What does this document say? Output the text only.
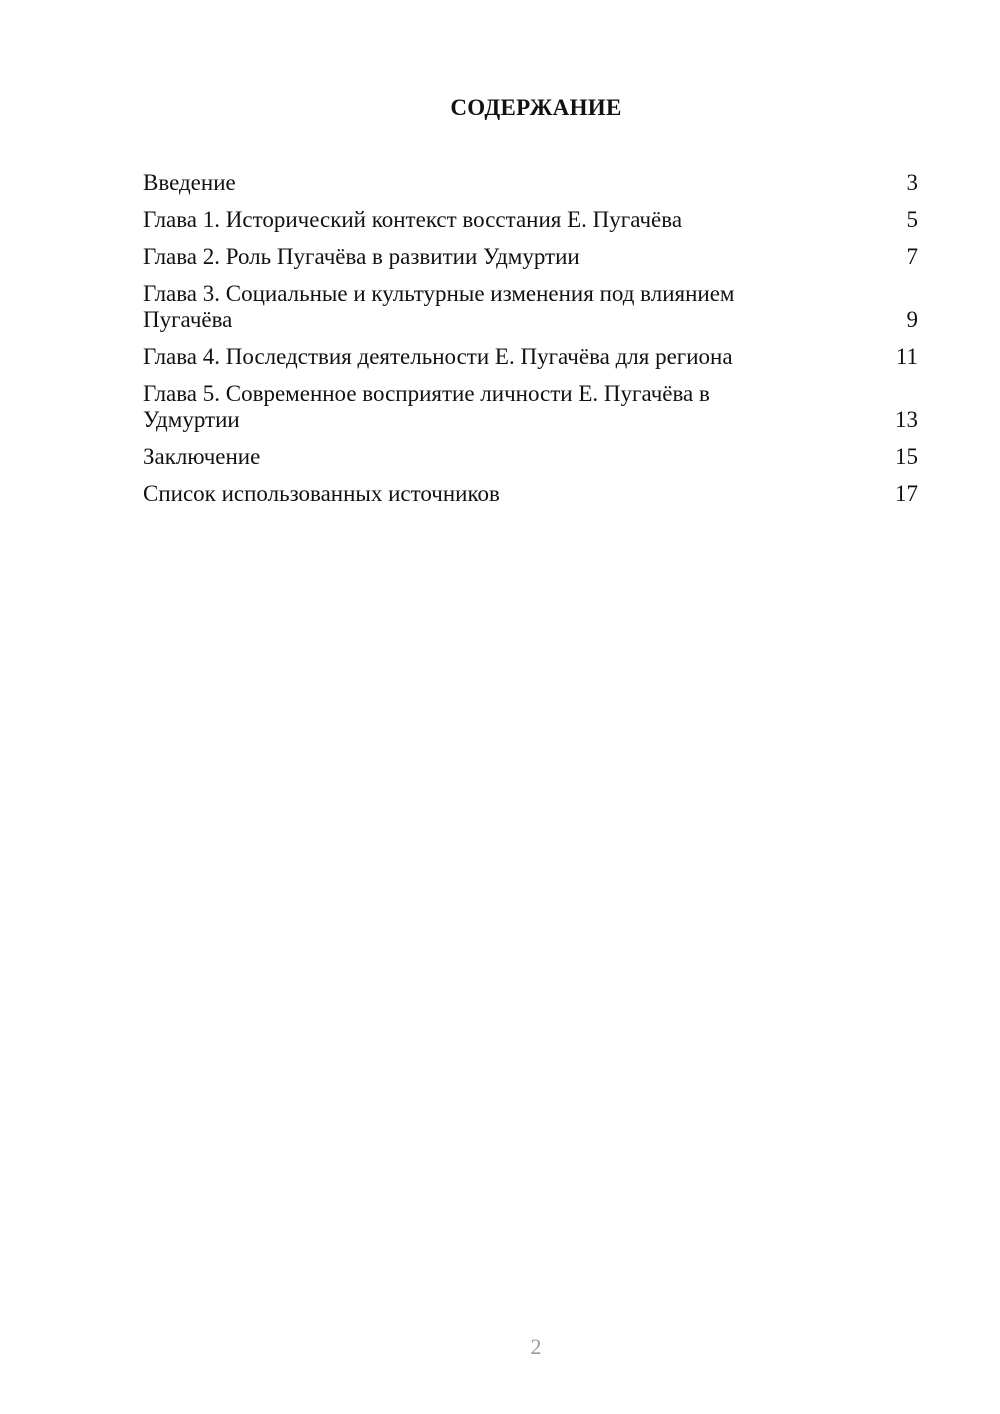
СОДЕРЖАНИЕ
Введение	3
Глава 1. Исторический контекст восстания Е. Пугачёва	5
Глава 2. Роль Пугачёва в развитии Удмуртии	7
Глава 3. Социальные и культурные изменения под влиянием Пугачёва	9
Глава 4. Последствия деятельности Е. Пугачёва для региона	11
Глава 5. Современное восприятие личности Е. Пугачёва в Удмуртии	13
Заключение	15
Список использованных источников	17
2
